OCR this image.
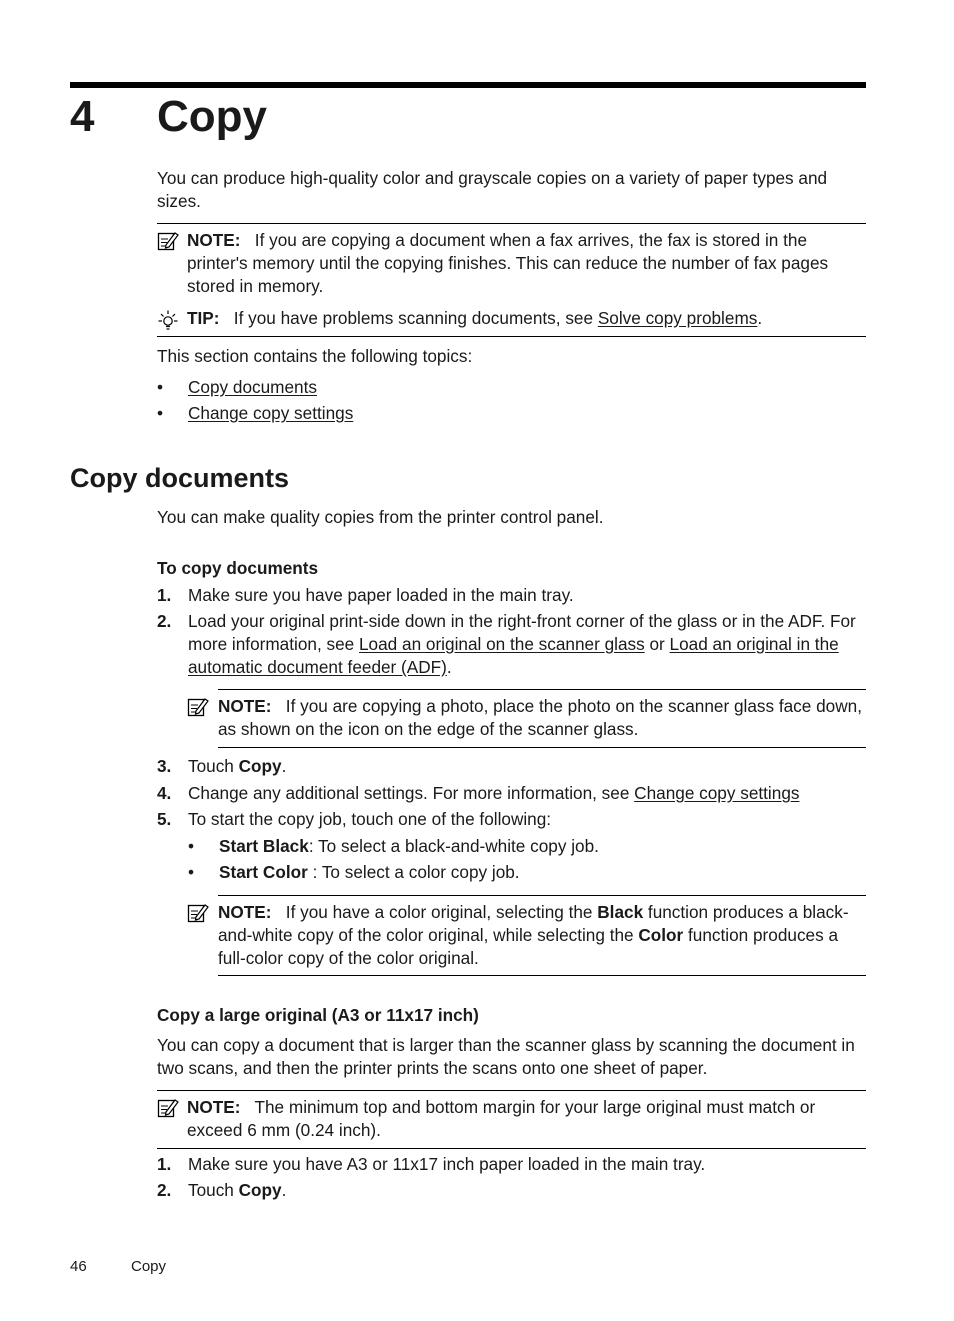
4 Copy
You can produce high-quality color and grayscale copies on a variety of paper types and sizes.
NOTE: If you are copying a document when a fax arrives, the fax is stored in the printer's memory until the copying finishes. This can reduce the number of fax pages stored in memory.
TIP: If you have problems scanning documents, see Solve copy problems.
This section contains the following topics:
•	Copy documents
•	Change copy settings
Copy documents
You can make quality copies from the printer control panel.
To copy documents
1. Make sure you have paper loaded in the main tray.
2. Load your original print-side down in the right-front corner of the glass or in the ADF. For more information, see Load an original on the scanner glass or Load an original in the automatic document feeder (ADF).
NOTE: If you are copying a photo, place the photo on the scanner glass face down, as shown on the icon on the edge of the scanner glass.
3. Touch Copy.
4. Change any additional settings. For more information, see Change copy settings
5. To start the copy job, touch one of the following:
•	Start Black: To select a black-and-white copy job.
•	Start Color : To select a color copy job.
NOTE: If you have a color original, selecting the Black function produces a black-and-white copy of the color original, while selecting the Color function produces a full-color copy of the color original.
Copy a large original (A3 or 11x17 inch)
You can copy a document that is larger than the scanner glass by scanning the document in two scans, and then the printer prints the scans onto one sheet of paper.
NOTE: The minimum top and bottom margin for your large original must match or exceed 6 mm (0.24 inch).
1. Make sure you have A3 or 11x17 inch paper loaded in the main tray.
2. Touch Copy.
46	Copy
